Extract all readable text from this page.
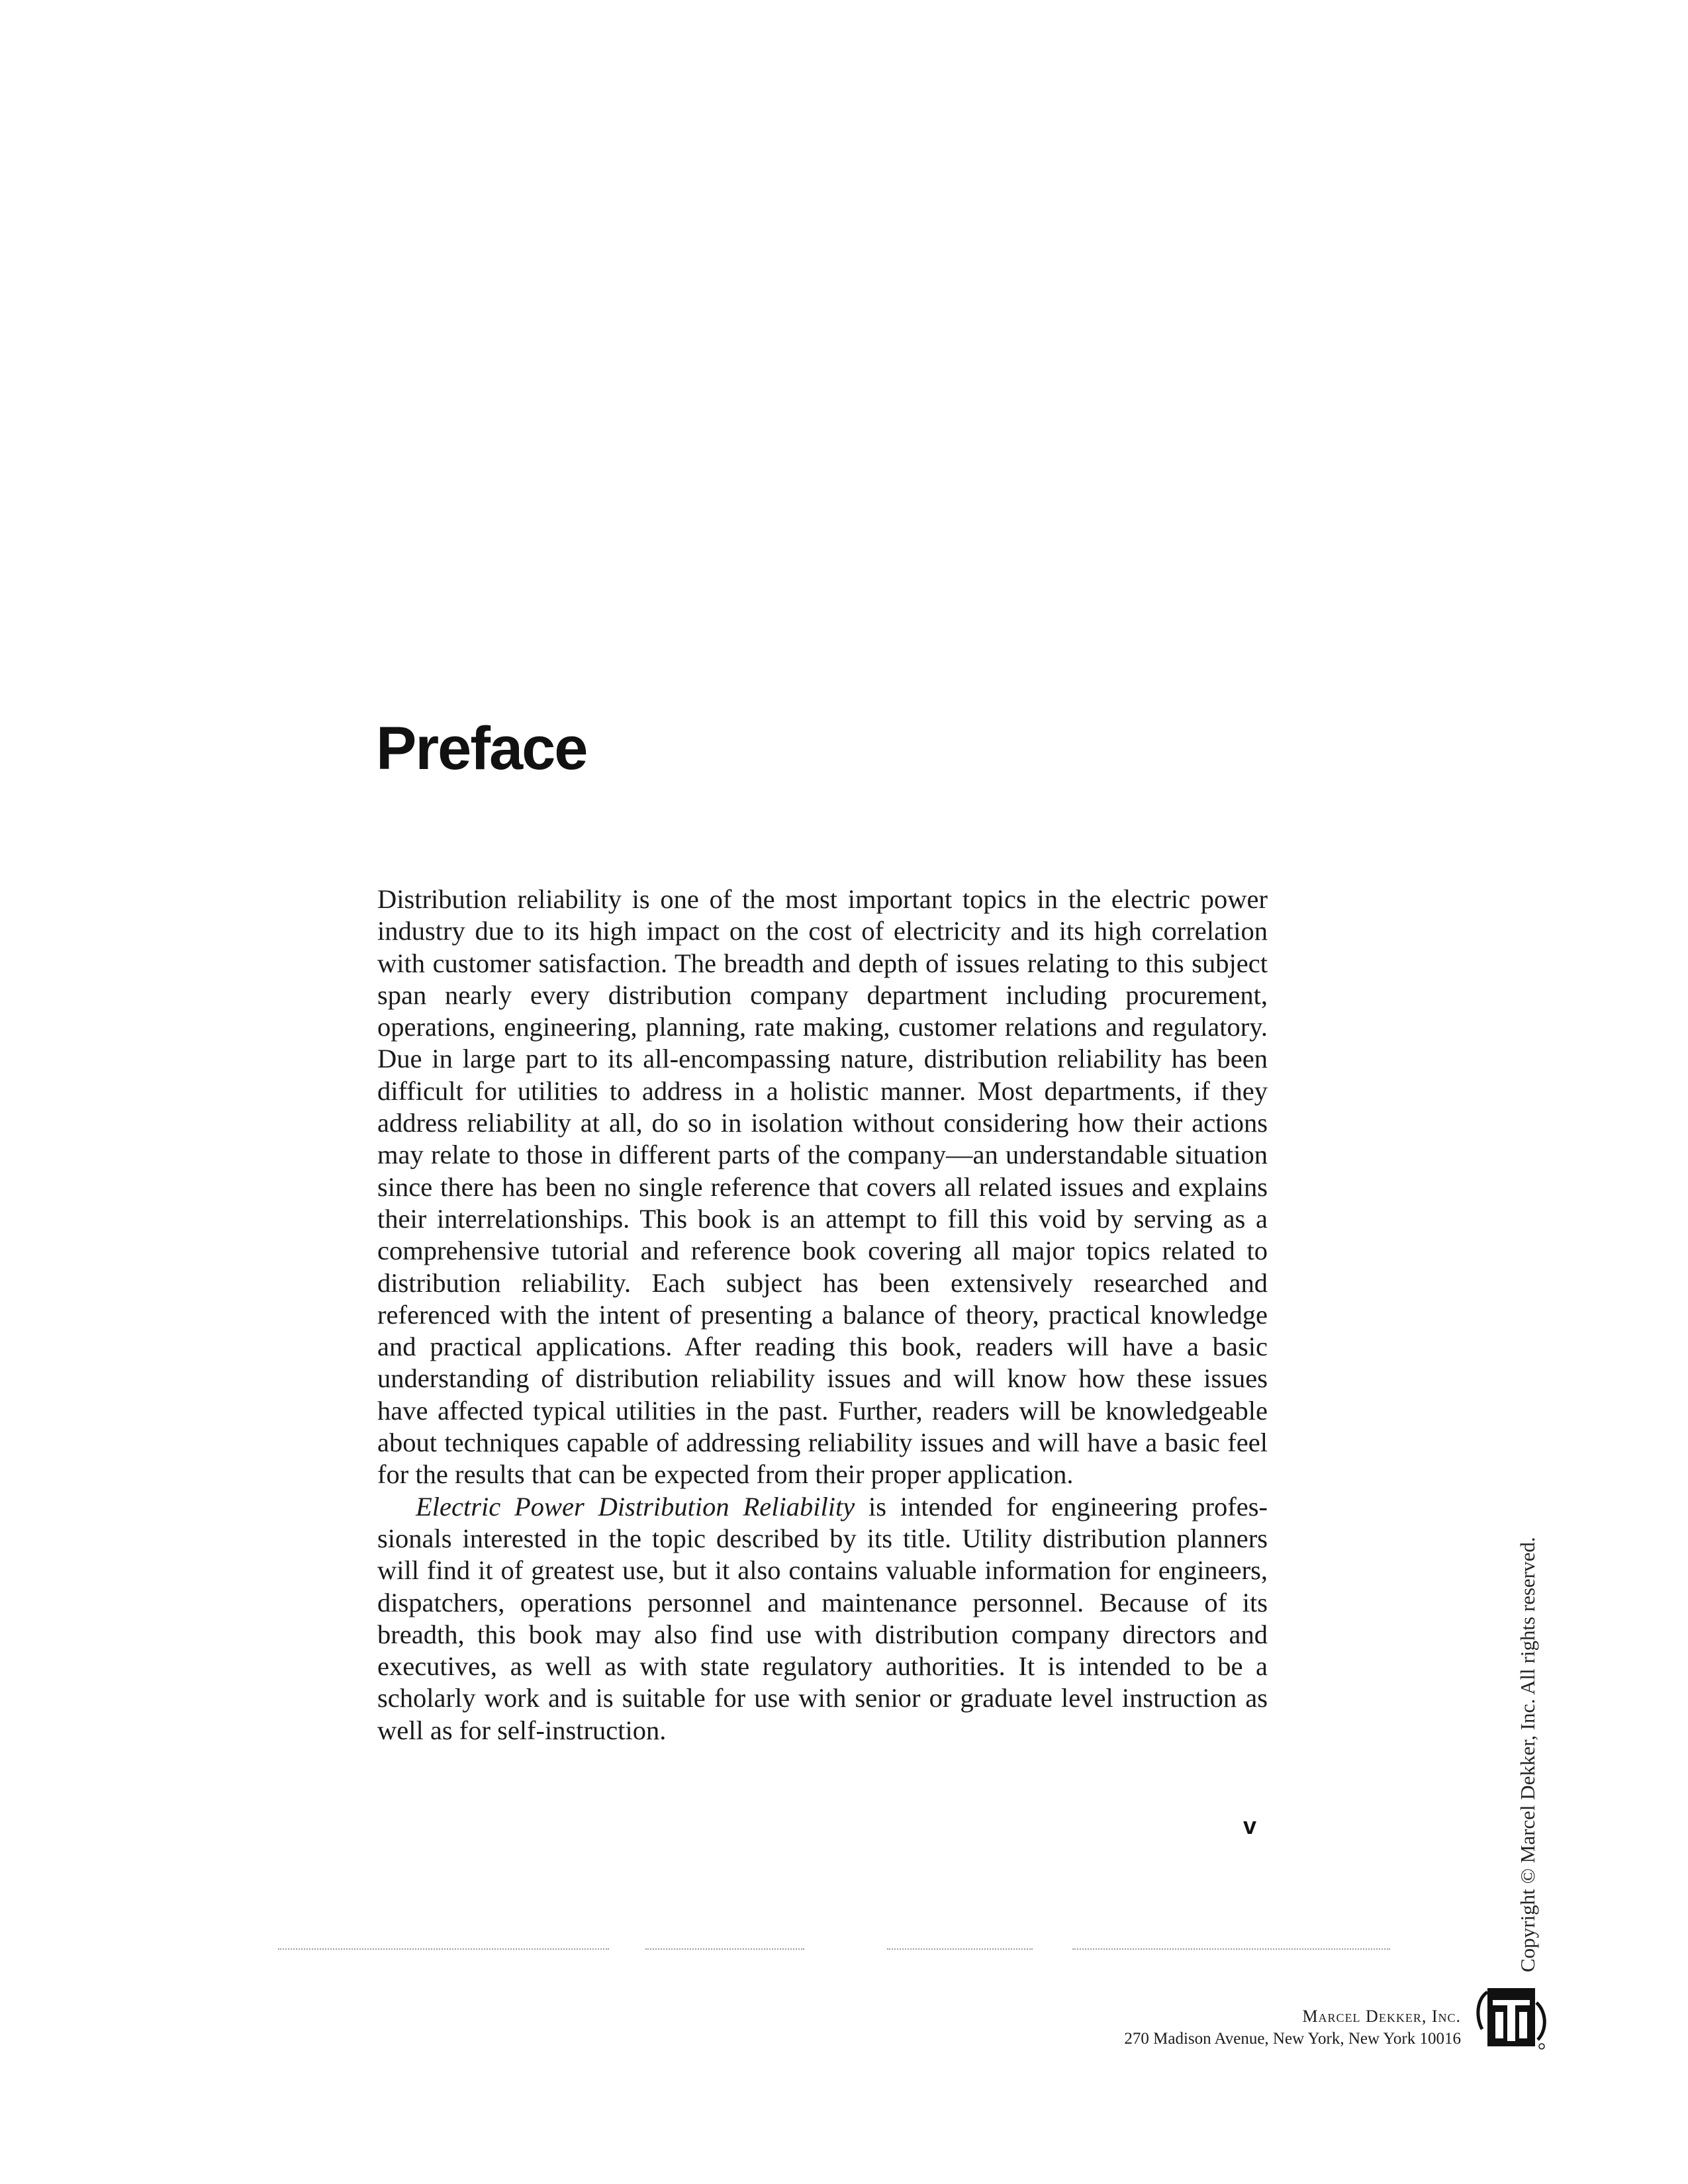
Preface

Distribution reliability is one of the most important topics in the electric power industry due to its high impact on the cost of electricity and its high correlation with customer satisfaction. The breadth and depth of issues relating to this subject span nearly every distribution company department including procurement, operations, engineering, planning, rate making, customer relations and regulatory. Due in large part to its all-encompassing nature, distribution reliability has been difficult for utilities to address in a holistic manner. Most departments, if they address reliability at all, do so in isolation without considering how their actions may relate to those in different parts of the company—an understandable situation since there has been no single reference that covers all related issues and explains their interrelationships. This book is an attempt to fill this void by serving as a comprehensive tutorial and reference book covering all major topics related to distribution reliability. Each subject has been extensively researched and referenced with the intent of presenting a balance of theory, practical knowledge and practical applications. After reading this book, readers will have a basic understanding of distribution reliability issues and will know how these issues have affected typical utilities in the past. Further, readers will be knowledgeable about techniques capable of addressing reliability issues and will have a basic feel for the results that can be expected from their proper application.

Electric Power Distribution Reliability is intended for engineering professionals interested in the topic described by its title. Utility distribution planners will find it of greatest use, but it also contains valuable information for engineers, dispatchers, operations personnel and maintenance personnel. Because of its breadth, this book may also find use with distribution company directors and executives, as well as with state regulatory authorities. It is intended to be a scholarly work and is suitable for use with senior or graduate level instruction as well as for self-instruction.

v	Copyright © Marcel Dekker, Inc. All rights reserved.
Marcel Dekker, Inc.
270 Madison Avenue, New York, New York 10016
